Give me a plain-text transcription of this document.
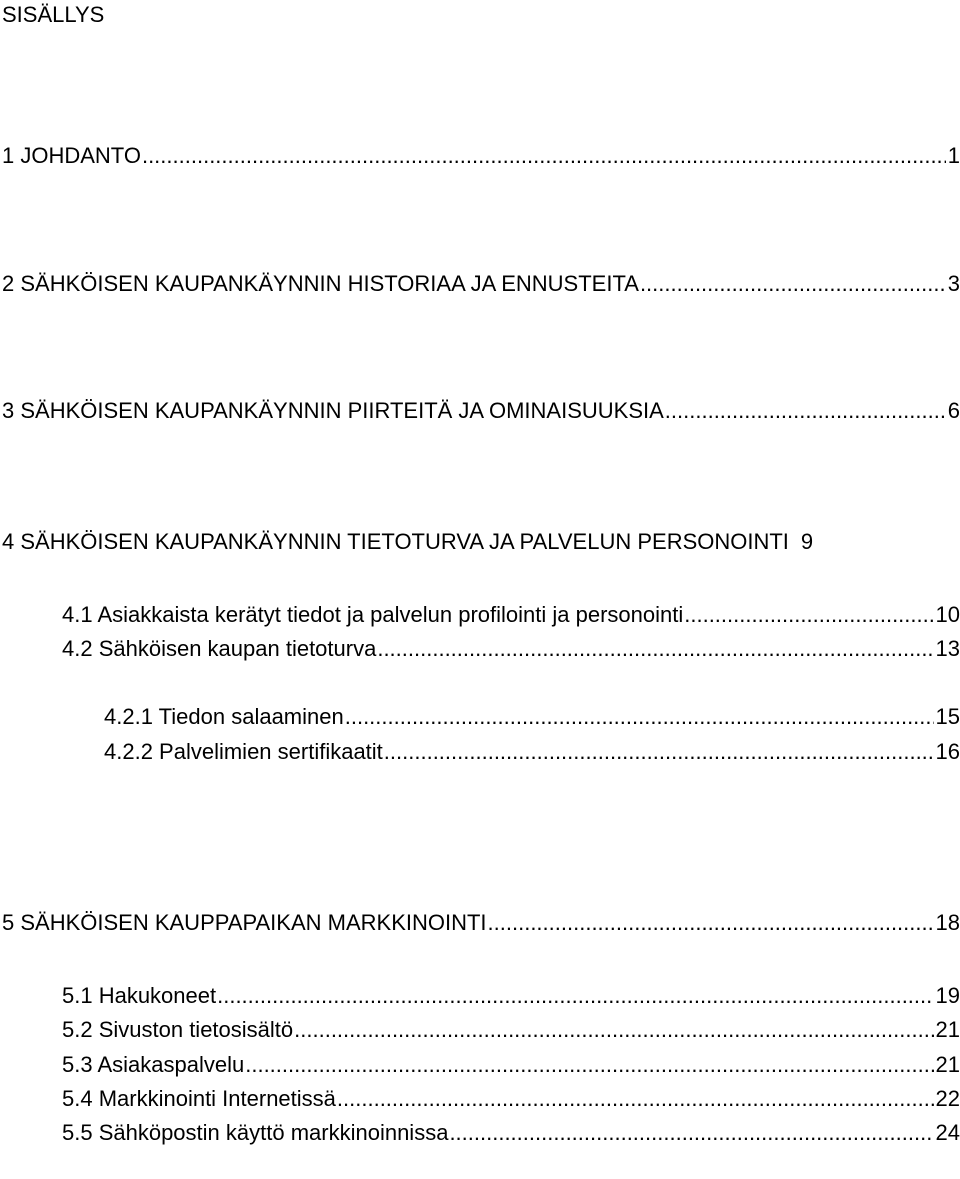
SISÄLLYS
1 JOHDANTO .....	1
2 SÄHKÖISEN KAUPANKÄYNNIN HISTORIAA JA ENNUSTEITA .....	3
3 SÄHKÖISEN KAUPANKÄYNNIN PIIRTEITÄ JA OMINAISUUKSIA .....	6
4 SÄHKÖISEN KAUPANKÄYNNIN TIETOTURVA JA PALVELUN PERSONOINTI 9
4.1 Asiakkaista kerätyt tiedot ja palvelun profilointi ja personointi .....	10
4.2 Sähköisen kaupan tietoturva .....	13
4.2.1 Tiedon salaaminen .....	15
4.2.2 Palvelimien sertifikaatit .....	16
5 SÄHKÖISEN KAUPPAPAIKAN MARKKINOINTI .....	18
5.1 Hakukoneet .....	19
5.2 Sivuston tietosisältö .....	21
5.3 Asiakaspalvelu .....	21
5.4 Markkinointi Internetissä .....	22
5.5 Sähköpostin käyttö markkinoinnissa .....	24
